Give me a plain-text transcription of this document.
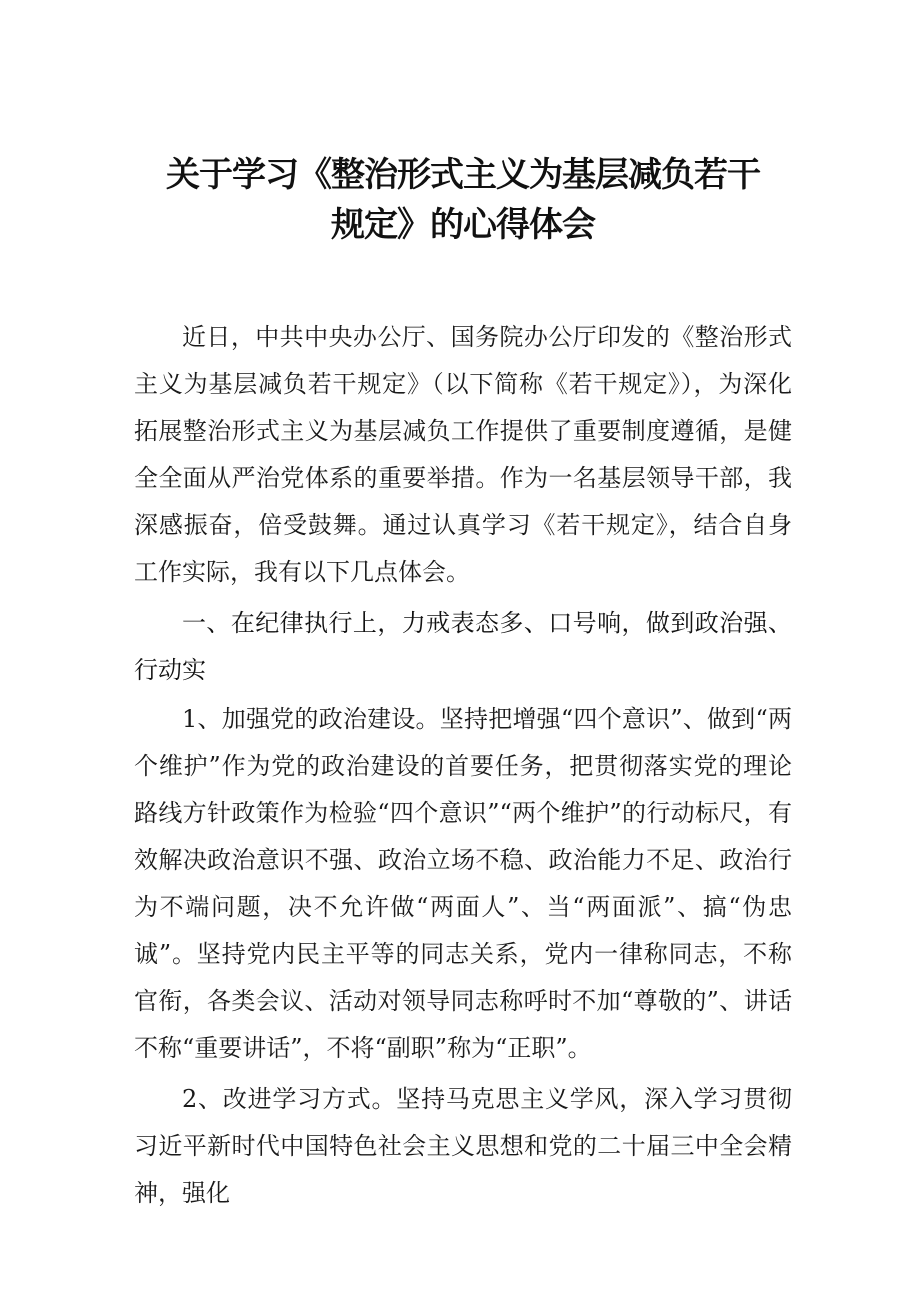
关于学习《整治形式主义为基层减负若干
规定》的心得体会

近日，中共中央办公厅、国务院办公厅印发的《整治形式主义为基层减负若干规定》（以下简称《若干规定》），为深化拓展整治形式主义为基层减负工作提供了重要制度遵循，是健全全面从严治党体系的重要举措。作为一名基层领导干部，我深感振奋，倍受鼓舞。通过认真学习《若干规定》，结合自身工作实际，我有以下几点体会。

一、在纪律执行上，力戒表态多、口号响，做到政治强、行动实

1、加强党的政治建设。坚持把增强“四个意识”、做到“两个维护”作为党的政治建设的首要任务，把贯彻落实党的理论路线方针政策作为检验“四个意识”“两个维护”的行动标尺，有效解决政治意识不强、政治立场不稳、政治能力不足、政治行为不端问题，决不允许做“两面人”、当“两面派”、搞“伪忠诚”。坚持党内民主平等的同志关系，党内一律称同志，不称官衔，各类会议、活动对领导同志称呼时不加“尊敬的”、讲话不称“重要讲话”，不将“副职”称为“正职”。

2、改进学习方式。坚持马克思主义学风，深入学习贯彻习近平新时代中国特色社会主义思想和党的二十届三中全会精神，强化
